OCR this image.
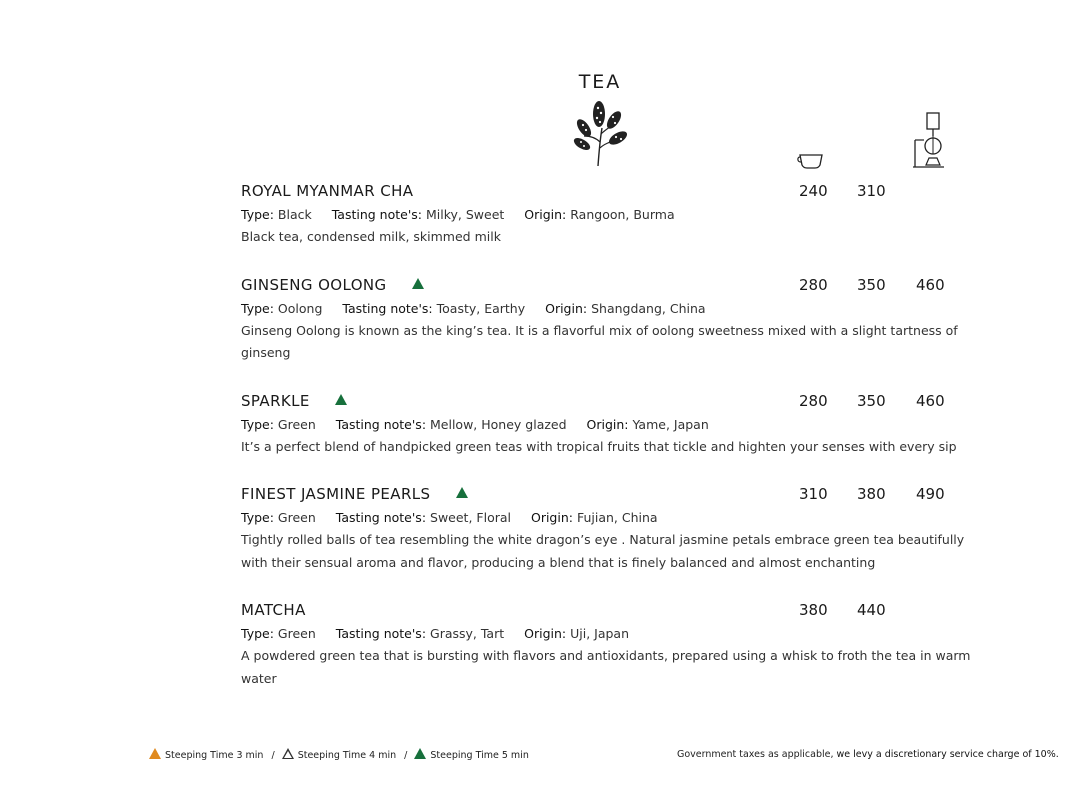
TEA
ROYAL MYANMAR CHA	240 310
Type: Black Tasting note's: Milky, Sweet Origin: Rangoon, Burma
Black tea, condensed milk, skimmed milk
GINSENG OOLONG	280 350 460
Type: Oolong Tasting note's: Toasty, Earthy Origin: Shangdang, China
Ginseng Oolong is known as the king’s tea. It is a flavorful mix of oolong sweetness mixed with a slight tartness of ginseng
SPARKLE	280 350 460
Type: Green Tasting note's: Mellow, Honey glazed Origin: Yame, Japan
It’s a perfect blend of handpicked green teas with tropical fruits that tickle and highten your senses with every sip
FINEST JASMINE PEARLS	310 380 490
Type: Green Tasting note's: Sweet, Floral Origin: Fujian, China
Tightly rolled balls of tea resembling the white dragon’s eye . Natural jasmine petals embrace green tea beautifully with their sensual aroma and flavor, producing a blend that is finely balanced and almost enchanting
MATCHA	380 440
Type: Green Tasting note's: Grassy, Tart Origin: Uji, Japan
A powdered green tea that is bursting with flavors and antioxidants, prepared using a whisk to froth the tea in warm water
Steeping Time 3 min / Steeping Time 4 min / Steeping Time 5 min	Government taxes as applicable, we levy a discretionary service charge of 10%.
